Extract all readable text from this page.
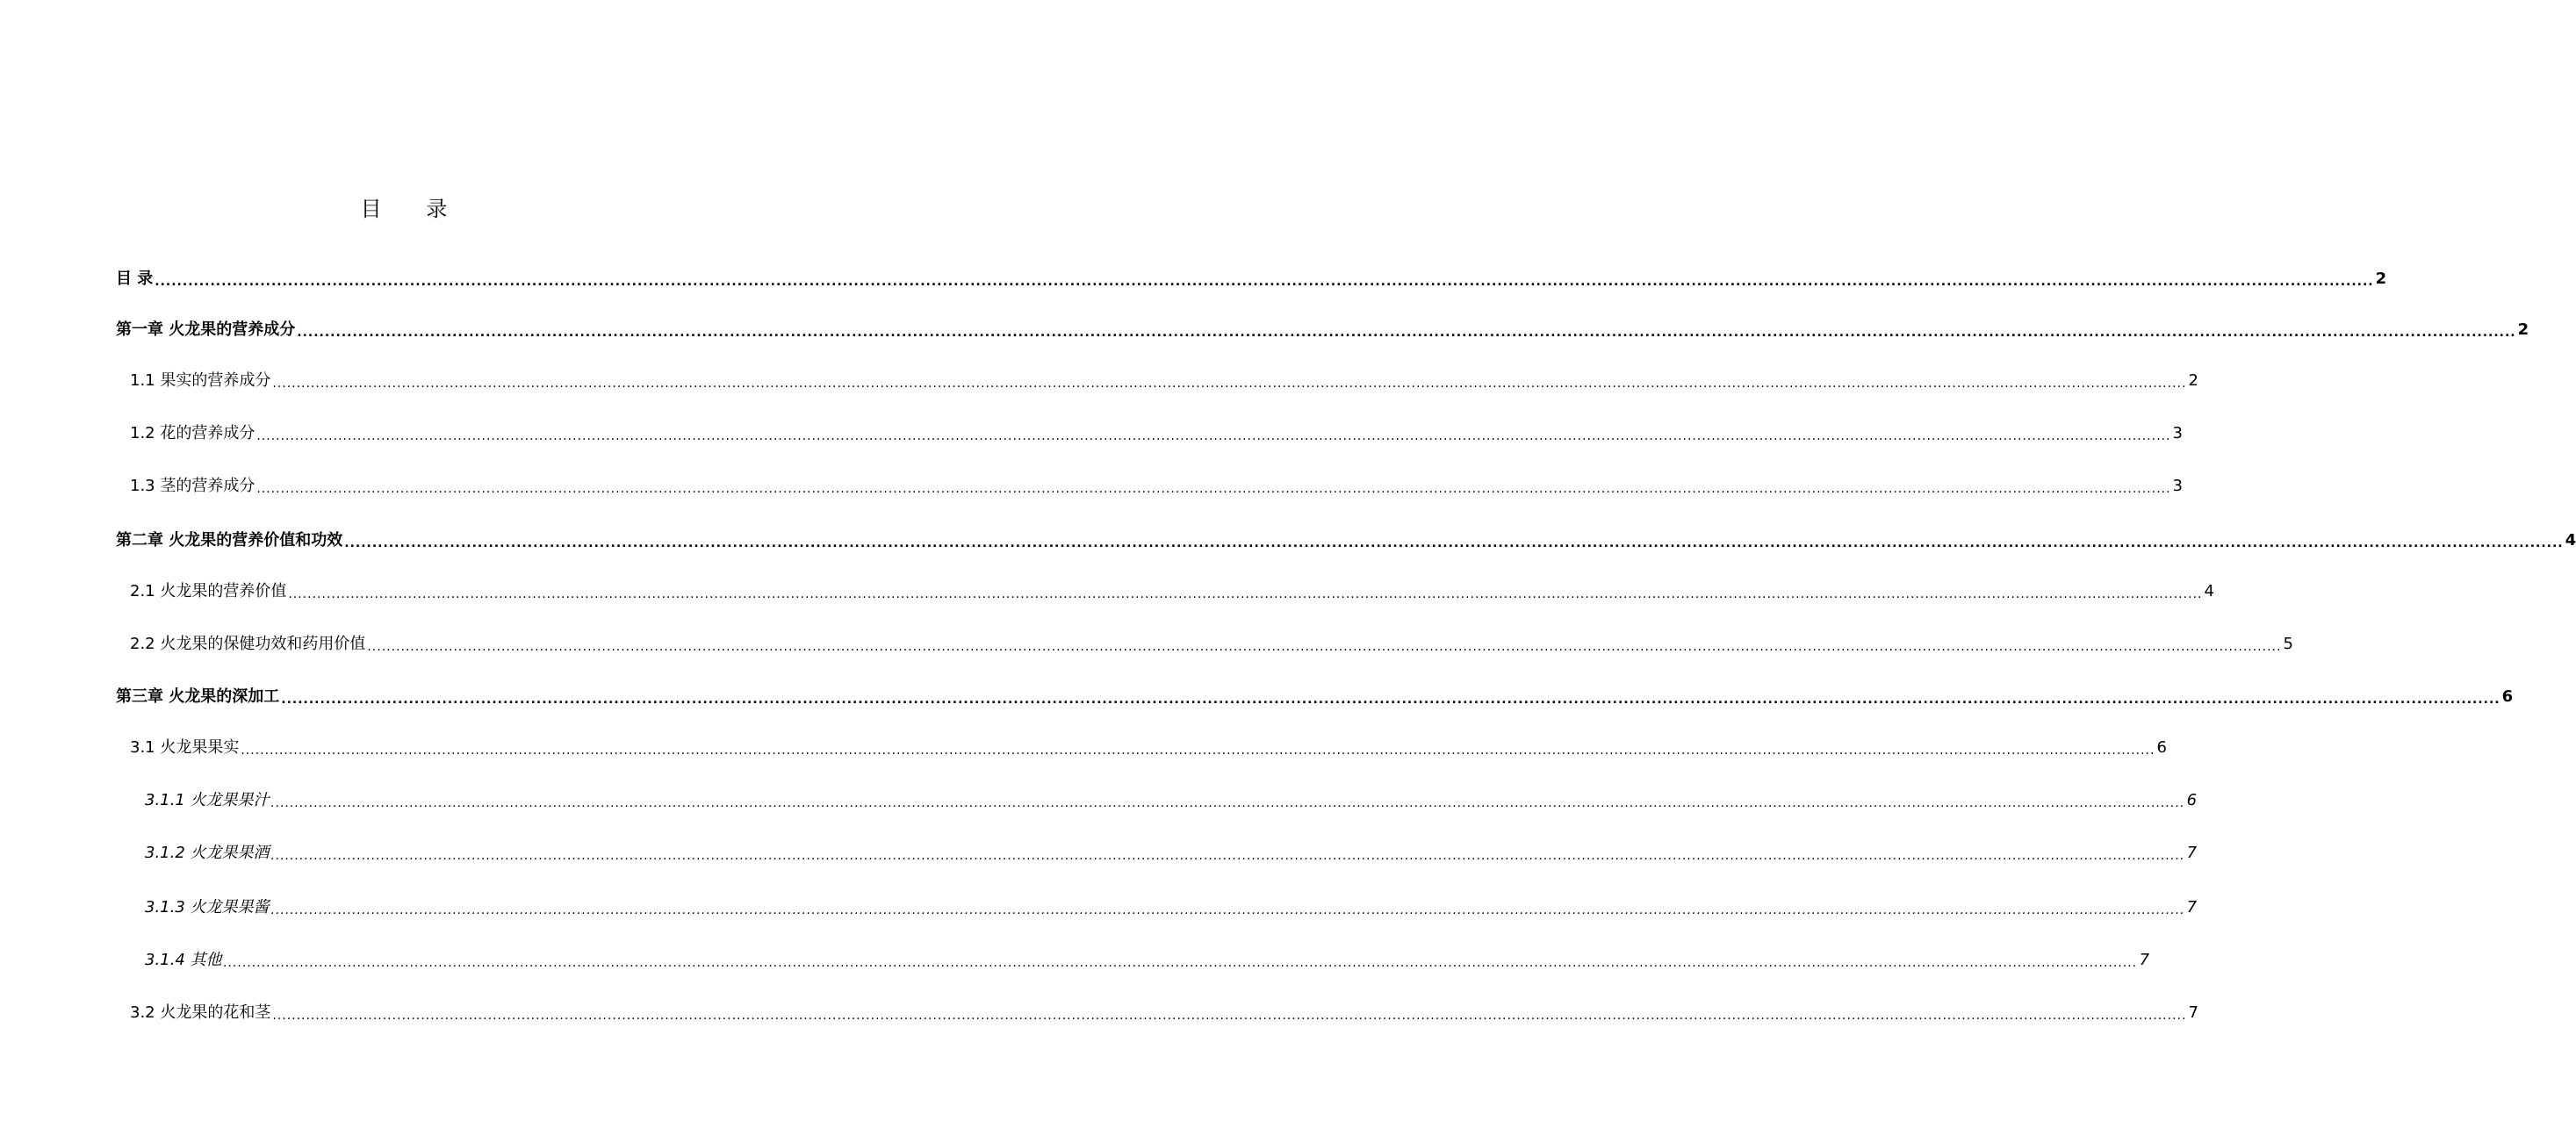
目 录
目 录 ................................................................................................................................................................................................................................................................................................................................................................................................................ 2
第一章 火龙果的营养成分 ................................................................................................................................................................................................................................................................................................................................................................................................................ 2
1.1 果实的营养成分 ................................................................................................................................................................................................................................................................................................................................................................................................................ 2
1.2 花的营养成分 ................................................................................................................................................................................................................................................................................................................................................................................................................ 3
1.3 茎的营养成分 ................................................................................................................................................................................................................................................................................................................................................................................................................ 3
第二章 火龙果的营养价值和功效 ................................................................................................................................................................................................................................................................................................................................................................................................................ 4
2.1 火龙果的营养价值 ................................................................................................................................................................................................................................................................................................................................................................................................................ 4
2.2 火龙果的保健功效和药用价值 ................................................................................................................................................................................................................................................................................................................................................................................................................ 5
第三章 火龙果的深加工 ................................................................................................................................................................................................................................................................................................................................................................................................................ 6
3.1 火龙果果实 ................................................................................................................................................................................................................................................................................................................................................................................................................ 6
3.1.1 火龙果果汁 ................................................................................................................................................................................................................................................................................................................................................................................................................ 6
3.1.2 火龙果果酒 ................................................................................................................................................................................................................................................................................................................................................................................................................ 7
3.1.3 火龙果果酱 ................................................................................................................................................................................................................................................................................................................................................................................................................ 7
3.1.4 其他 ................................................................................................................................................................................................................................................................................................................................................................................................................ 7
3.2 火龙果的花和茎 ................................................................................................................................................................................................................................................................................................................................................................................................................ 7
